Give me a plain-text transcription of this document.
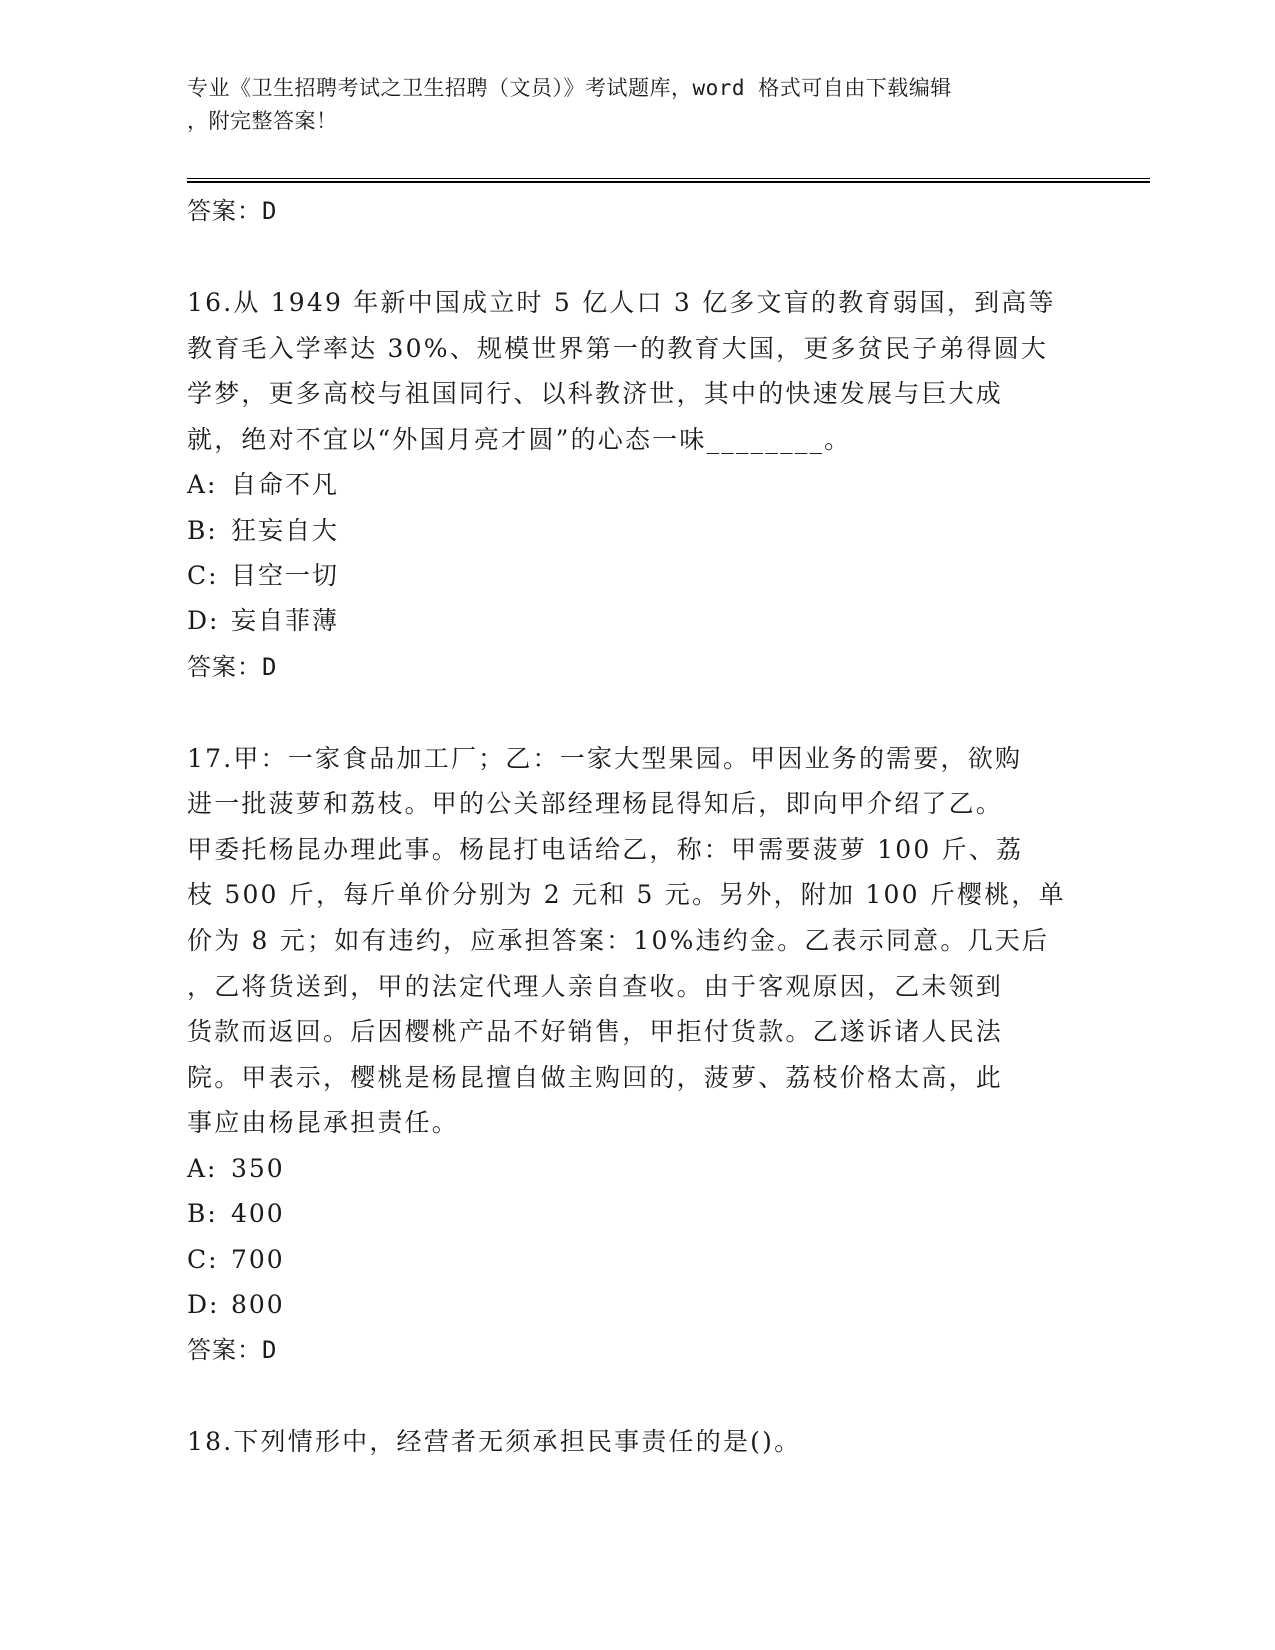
专业《卫生招聘考试之卫生招聘（文员）》考试题库，word 格式可自由下载编辑
，附完整答案！
答案：D
16.从 1949 年新中国成立时 5 亿人口 3 亿多文盲的教育弱国，到高等
教育毛入学率达 30%、规模世界第一的教育大国，更多贫民子弟得圆大
学梦，更多高校与祖国同行、以科教济世，其中的快速发展与巨大成
就，绝对不宜以“外国月亮才圆”的心态一味________。
A: 自命不凡
B: 狂妄自大
C: 目空一切
D: 妄自菲薄
答案：D
17.甲：一家食品加工厂；乙：一家大型果园。甲因业务的需要，欲购
进一批菠萝和荔枝。甲的公关部经理杨昆得知后，即向甲介绍了乙。
甲委托杨昆办理此事。杨昆打电话给乙，称：甲需要菠萝 100 斤、荔
枝 500 斤，每斤单价分别为 2 元和 5 元。另外，附加 100 斤樱桃，单
价为 8 元；如有违约，应承担答案：10%违约金。乙表示同意。几天后
，乙将货送到，甲的法定代理人亲自查收。由于客观原因，乙未领到
货款而返回。后因樱桃产品不好销售，甲拒付货款。乙遂诉诸人民法
院。甲表示，樱桃是杨昆擅自做主购回的，菠萝、荔枝价格太高，此
事应由杨昆承担责任。
A: 350
B: 400
C: 700
D: 800
答案：D
18.下列情形中，经营者无须承担民事责任的是()。
